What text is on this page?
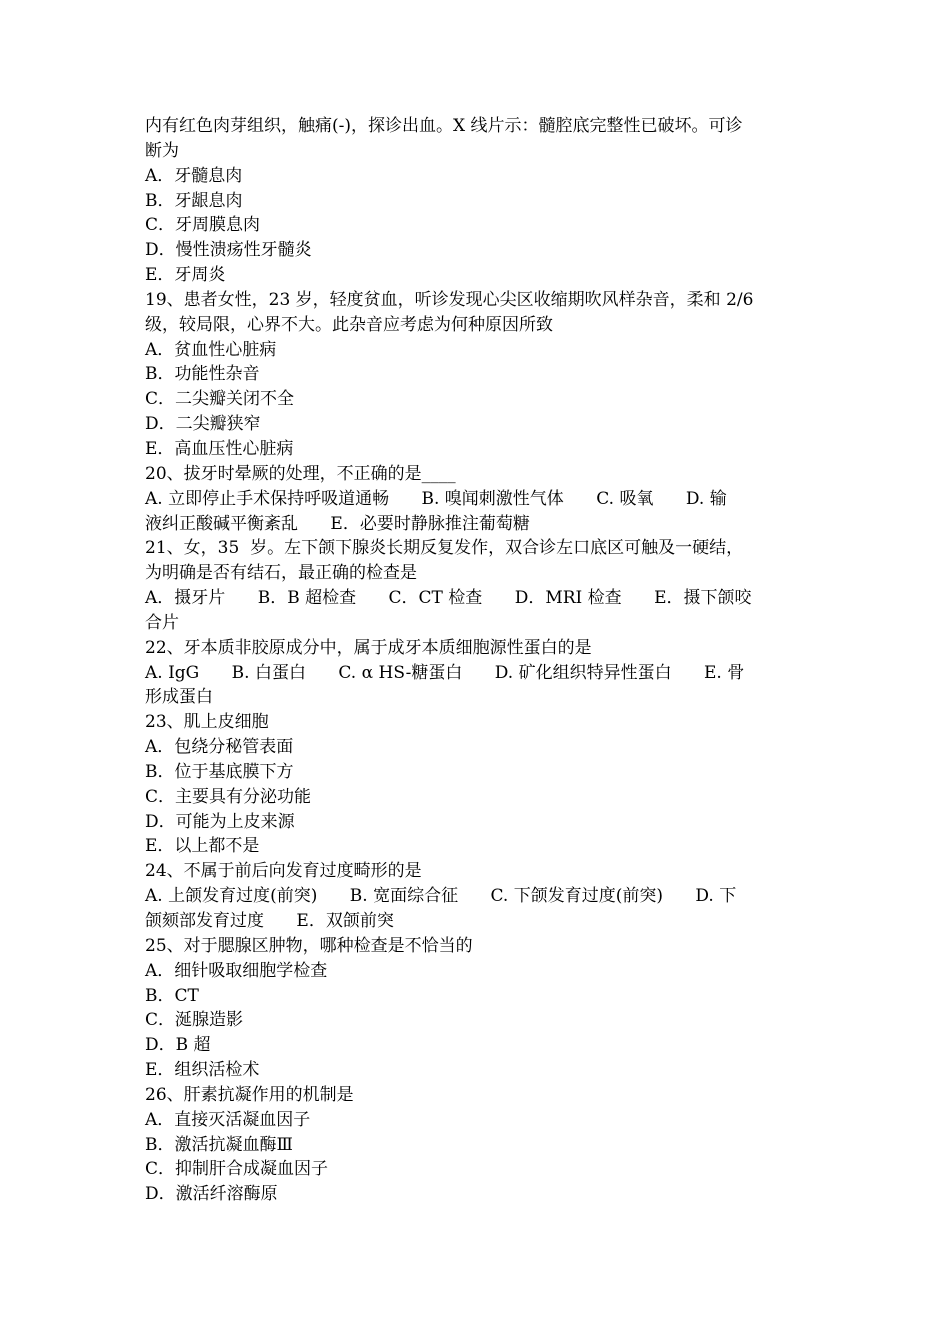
内有红色肉芽组织，触痛(-)，探诊出血。X 线片示：髓腔底完整性已破坏。可诊
断为
A．牙髓息肉
B．牙龈息肉
C．牙周膜息肉
D．慢性溃疡性牙髓炎
E．牙周炎
19、患者女性，23 岁，轻度贫血，听诊发现心尖区收缩期吹风样杂音，柔和 2/6
级，较局限，心界不大。此杂音应考虑为何种原因所致
A．贫血性心脏病
B．功能性杂音
C．二尖瓣关闭不全
D．二尖瓣狭窄
E．高血压性心脏病
20、拔牙时晕厥的处理，不正确的是____
A. 立即停止手术保持呼吸道通畅      B. 嗅闻刺激性气体      C. 吸氧      D. 输
液纠正酸碱平衡紊乱      E．必要时静脉推注葡萄糖
21、女，35  岁。左下颌下腺炎长期反复发作，双合诊左口底区可触及一硬结，
为明确是否有结石，最正确的检查是
A．摄牙片      B．B 超检查      C．CT 检查      D．MRI 检查      E．摄下颌咬
合片
22、牙本质非胶原成分中，属于成牙本质细胞源性蛋白的是
A. IgG      B. 白蛋白      C. α HS-糖蛋白      D. 矿化组织特异性蛋白      E. 骨
形成蛋白
23、肌上皮细胞
A．包绕分秘管表面
B．位于基底膜下方
C．主要具有分泌功能
D．可能为上皮来源
E．以上都不是
24、不属于前后向发育过度畸形的是
A. 上颌发育过度(前突)      B. 宽面综合征      C. 下颌发育过度(前突)      D. 下
颌颏部发育过度      E．双颌前突
25、对于腮腺区肿物，哪种检查是不恰当的
A．细针吸取细胞学检查
B．CT
C．涎腺造影
D．B 超
E．组织活检术
26、肝素抗凝作用的机制是
A．直接灭活凝血因子
B．激活抗凝血酶Ⅲ
C．抑制肝合成凝血因子
D．激活纤溶酶原
